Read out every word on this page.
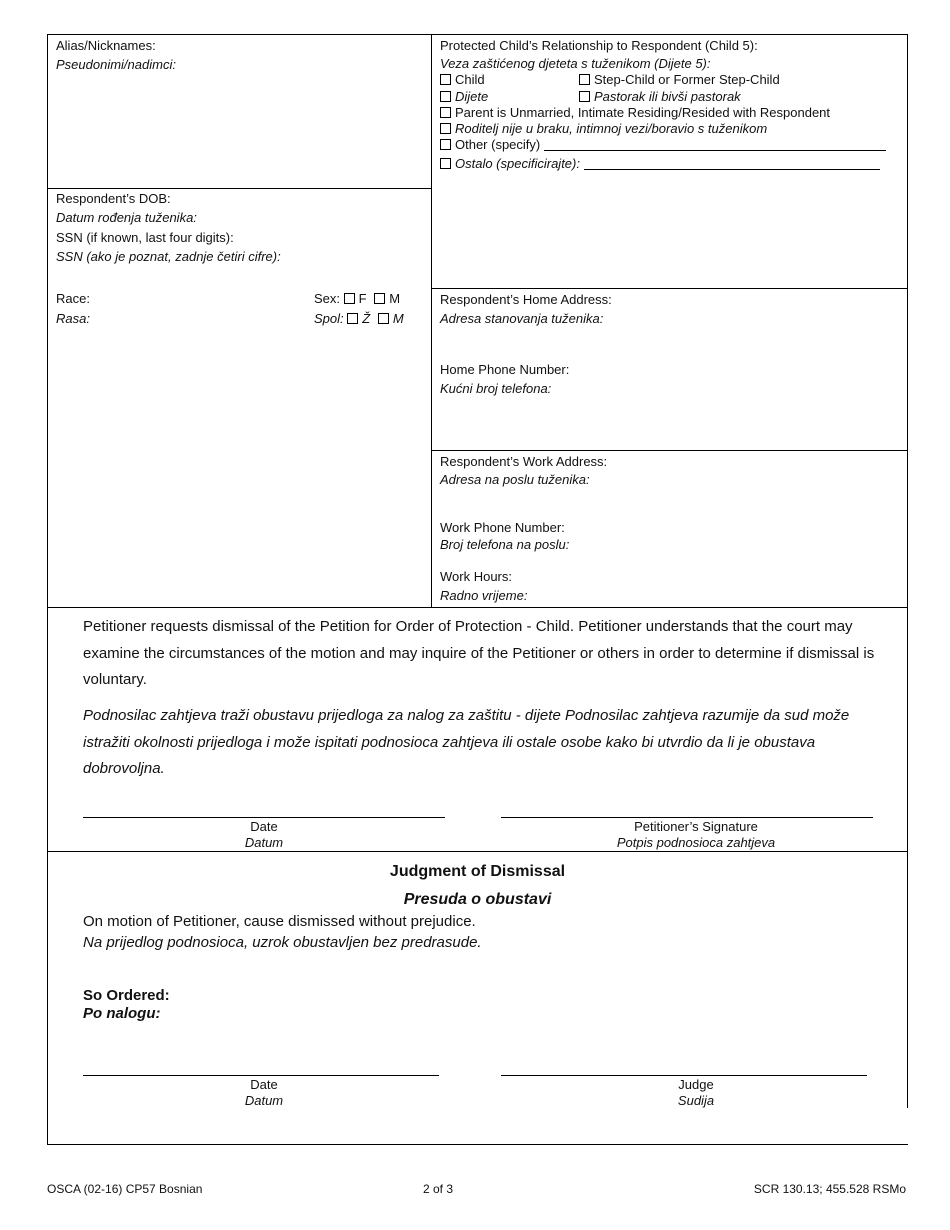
Alias/Nicknames:
Pseudonimi/nadimci:
Respondent’s DOB:
Datum rođenja tuženika:
SSN (if known, last four digits):
SSN (ako je poznat, zadnje četiri cifre):
Race:
Rasa:
Sex: F M
Spol: Ž M
Protected Child’s Relationship to Respondent (Child 5):
Veza zaštićenog djeteta s tuženikom (Dijete 5):
Child	Step-Child or Former Step-Child
Dijete	Pastorak ili bivši pastorak
Parent is Unmarried, Intimate Residing/Resided with Respondent
Roditelj nije u braku, intimnoj vezi/boravio s tuženikom
Other (specify)
Ostalo (specificirajte):
Respondent’s Home Address:
Adresa stanovanja tuženika:
Home Phone Number:
Kućni broj telefona:
Respondent’s Work Address:
Adresa na poslu tuženika:
Work Phone Number:
Broj telefona na poslu:
Work Hours:
Radno vrijeme:
Petitioner requests dismissal of the Petition for Order of Protection - Child. Petitioner understands that the court may examine the circumstances of the motion and may inquire of the Petitioner or others in order to determine if dismissal is voluntary.
Podnosilac zahtjeva traži obustavu prijedloga za nalog za zaštitu - dijete Podnosilac zahtjeva razumije da sud može istražiti okolnosti prijedloga i može ispitati podnosioca zahtjeva ili ostale osobe kako bi utvrdio da li je obustava dobrovoljna.
Date
Datum
Petitioner’s Signature
Potpis podnosioca zahtjeva
Judgment of Dismissal
Presuda o obustavi
On motion of Petitioner, cause dismissed without prejudice.
Na prijedlog podnosioca, uzrok obustavljen bez predrasude.
So Ordered:
Po nalogu:
Date
Datum
Judge
Sudija
OSCA (02-16) CP57 Bosnian	2 of 3	SCR 130.13; 455.528 RSMo
